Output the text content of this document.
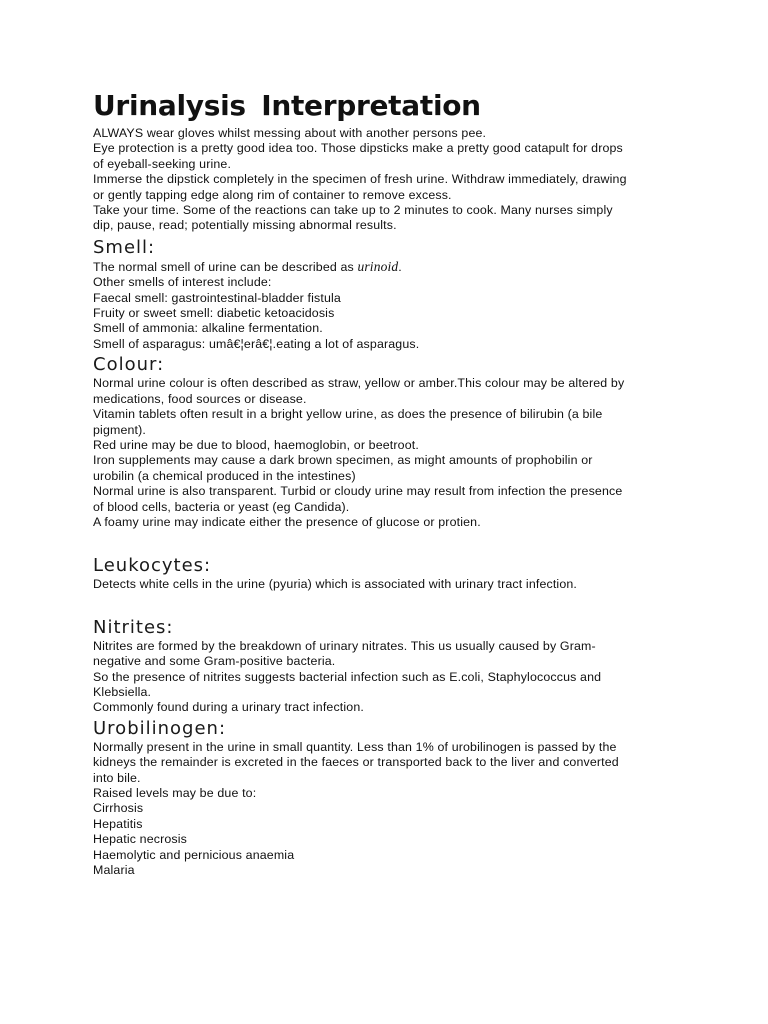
Urinalysis Interpretation

ALWAYS wear gloves whilst messing about with another persons pee.

Eye protection is a pretty good idea too. Those dipsticks make a pretty good catapult for drops

of eyeball-seeking urine.

Immerse the dipstick completely in the specimen of fresh urine. Withdraw immediately, drawing

or gently tapping edge along rim of container to remove excess.

Take your time. Some of the reactions can take up to 2 minutes to cook. Many nurses simply

dip, pause, read; potentially missing abnormal results.

Smell:

The normal smell of urine can be described as urinoid.

Other smells of interest include:

Faecal smell: gastrointestinal-bladder fistula

Fruity or sweet smell: diabetic ketoacidosis

Smell of ammonia: alkaline fermentation.

Smell of asparagus: umâ€¦erâ€¦.eating a lot of asparagus.

Colour:

Normal urine colour is often described as straw, yellow or amber.This colour may be altered by

medications, food sources or disease.

Vitamin tablets often result in a bright yellow urine, as does the presence of bilirubin (a bile

pigment).

Red urine may be due to blood, haemoglobin, or beetroot.

Iron supplements may cause a dark brown specimen, as might amounts of prophobilin or

urobilin (a chemical produced in the intestines)

Normal urine is also transparent. Turbid or cloudy urine may result from infection the presence

of blood cells, bacteria or yeast (eg Candida).

A foamy urine may indicate either the presence of glucose or protien.

Leukocytes:

Detects white cells in the urine (pyuria) which is associated with urinary tract infection.

Nitrites:

Nitrites are formed by the breakdown of urinary nitrates. This us usually caused by Gram-

negative and some Gram-positive bacteria.

So the presence of nitrites suggests bacterial infection such as E.coli, Staphylococcus and

Klebsiella.

Commonly found during a urinary tract infection.

Urobilinogen:

Normally present in the urine in small quantity. Less than 1% of urobilinogen is passed by the

kidneys the remainder is excreted in the faeces or transported back to the liver and converted

into bile.

Raised levels may be due to:

Cirrhosis

Hepatitis

Hepatic necrosis

Haemolytic and pernicious anaemia

Malaria
